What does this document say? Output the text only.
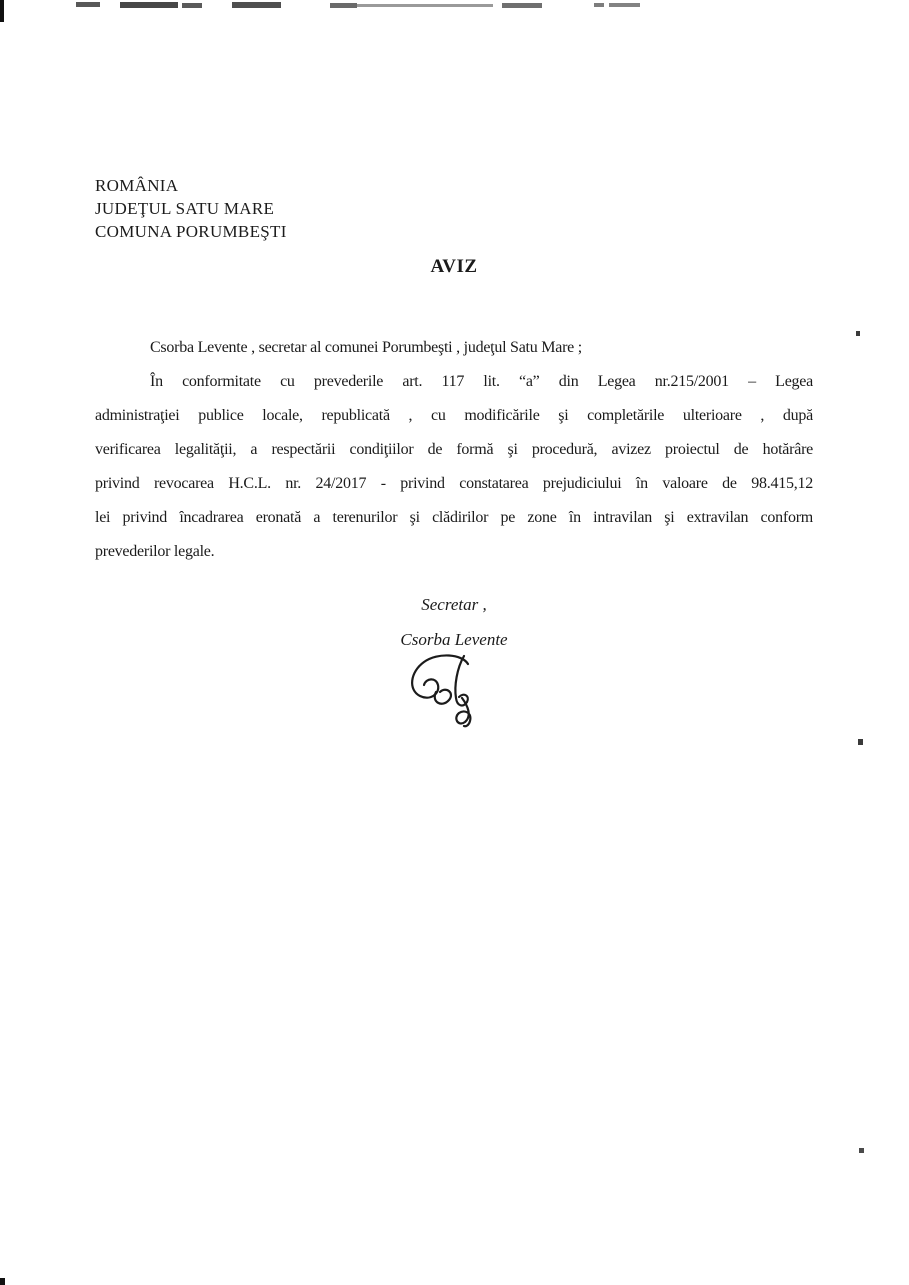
ROMÂNIA
JUDEŢUL SATU MARE
COMUNA PORUMBEŞTI
AVIZ
Csorba Levente , secretar al comunei Porumbeşti , judeţul Satu Mare ;
În conformitate cu prevederile art. 117 lit. “a” din Legea nr.215/2001 – Legea
administraţiei publice locale, republicată , cu modificările şi completările ulterioare , după
verificarea legalităţii, a respectării condiţiilor de formă şi procedură, avizez proiectul de hotărâre
privind revocarea H.C.L. nr. 24/2017 - privind constatarea prejudiciului în valoare de 98.415,12
lei privind încadrarea eronată a terenurilor şi clădirilor pe zone în intravilan şi extravilan conform
prevederilor legale.
Secretar ,
Csorba Levente
